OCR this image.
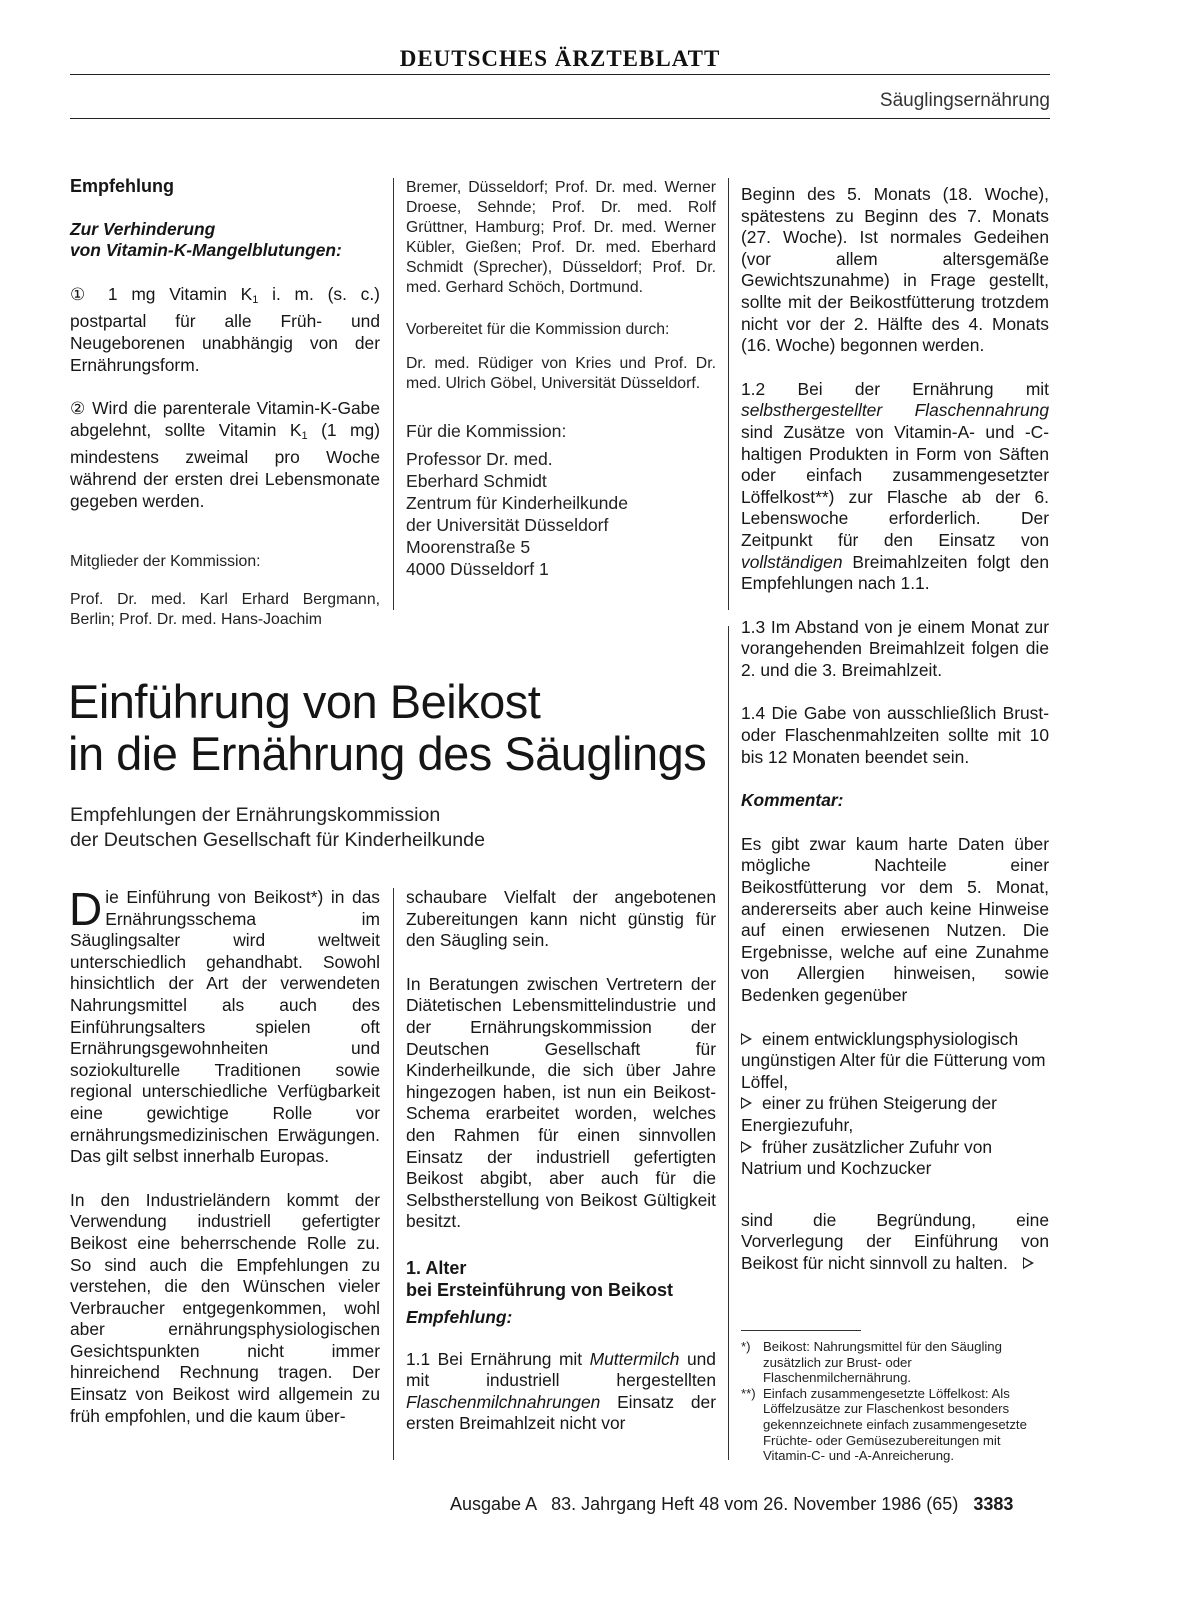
DEUTSCHES ÄRZTEBLATT
Säuglingsernährung
Empfehlung
Zur Verhinderung
von Vitamin-K-Mangelblutungen:

① 1 mg Vitamin $K_1$ i. m. (s. c.) postpartal für alle Früh- und Neugeborenen unabhängig von der Ernährungsform.

② Wird die parenterale Vitamin-K-Gabe abgelehnt, sollte Vitamin $K_1$ (1 mg) mindestens zweimal pro Woche während der ersten drei Lebensmonate gegeben werden.

Mitglieder der Kommission:
Prof. Dr. med. Karl Erhard Bergmann, Berlin; Prof. Dr. med. Hans-Joachim
Bremer, Düsseldorf; Prof. Dr. med. Werner Droese, Sehnde; Prof. Dr. med. Rolf Grüttner, Hamburg; Prof. Dr. med. Werner Kübler, Gießen; Prof. Dr. med. Eberhard Schmidt (Sprecher), Düsseldorf; Prof. Dr. med. Gerhard Schöch, Dortmund.
Vorbereitet für die Kommission durch:
Dr. med. Rüdiger von Kries und Prof. Dr. med. Ulrich Göbel, Universität Düsseldorf.
Für die Kommission:
Professor Dr. med.
Eberhard Schmidt
Zentrum für Kinderheilkunde
der Universität Düsseldorf
Moorenstraße 5
4000 Düsseldorf 1

Beginn des 5. Monats (18. Woche), spätestens zu Beginn des 7. Monats (27. Woche). Ist normales Gedeihen (vor allem altersgemäße Gewichtszunahme) in Frage gestellt, sollte mit der Beikostfütterung trotzdem nicht vor der 2. Hälfte des 4. Monats (16. Woche) begonnen werden.

1.2 Bei der Ernährung mit selbsthergestellter Flaschennahrung sind Zusätze von Vitamin-A- und -C-haltigen Produkten in Form von Säften oder einfach zusammengesetzter Löffelkost**) zur Flasche ab der 6. Lebenswoche erforderlich. Der Zeitpunkt für den Einsatz von vollständigen Breimahlzeiten folgt den Empfehlungen nach 1.1.

1.3 Im Abstand von je einem Monat zur vorangehenden Breimahlzeit folgen die 2. und die 3. Breimahlzeit.

1.4 Die Gabe von ausschließlich Brust- oder Flaschenmahlzeiten sollte mit 10 bis 12 Monaten beendet sein.

Kommentar:

Es gibt zwar kaum harte Daten über mögliche Nachteile einer Beikostfütterung vor dem 5. Monat, andererseits aber auch keine Hinweise auf einen erwiesenen Nutzen. Die Ergebnisse, welche auf eine Zunahme von Allergien hinweisen, sowie Bedenken gegenüber

einem entwicklungsphysiologisch ungünstigen Alter für die Fütterung vom Löffel,

einer zu frühen Steigerung der Energiezufuhr,

früher zusätzlicher Zufuhr von Natrium und Kochzucker

sind die Begründung, eine Vorverlegung der Einführung von Beikost für nicht sinnvoll zu halten.

Einführung von Beikost
in die Ernährung des Säuglings
Empfehlungen der Ernährungskommission
der Deutschen Gesellschaft für Kinderheilkunde

Die Einführung von Beikost*) in das Ernährungsschema im Säuglingsalter wird weltweit unterschiedlich gehandhabt. Sowohl hinsichtlich der Art der verwendeten Nahrungsmittel als auch des Einführungsalters spielen oft Ernährungsgewohnheiten und soziokulturelle Traditionen sowie regional unterschiedliche Verfügbarkeit eine gewichtige Rolle vor ernährungsmedizinischen Erwägungen. Das gilt selbst innerhalb Europas.

In den Industrieländern kommt der Verwendung industriell gefertigter Beikost eine beherrschende Rolle zu. So sind auch die Empfehlungen zu verstehen, die den Wünschen vieler Verbraucher entgegenkommen, wohl aber ernährungsphysiologischen Gesichtspunkten nicht immer hinreichend Rechnung tragen. Der Einsatz von Beikost wird allgemein zu früh empfohlen, und die kaum über-

schaubare Vielfalt der angebotenen Zubereitungen kann nicht günstig für den Säugling sein.

In Beratungen zwischen Vertretern der Diätetischen Lebensmittelindustrie und der Ernährungskommission der Deutschen Gesellschaft für Kinderheilkunde, die sich über Jahre hingezogen haben, ist nun ein Beikost-Schema erarbeitet worden, welches den Rahmen für einen sinnvollen Einsatz der industriell gefertigten Beikost abgibt, aber auch für die Selbstherstellung von Beikost Gültigkeit besitzt.

1. Alter
bei Ersteinführung von Beikost
Empfehlung:

1.1 Bei Ernährung mit Muttermilch und mit industriell hergestellten Flaschenmilchnahrungen Einsatz der ersten Breimahlzeit nicht vor

*) Beikost: Nahrungsmittel für den Säugling zusätzlich zur Brust- oder Flaschenmilchernährung.
**) Einfach zusammengesetzte Löffelkost: Als Löffelzusätze zur Flaschenkost besonders gekennzeichnete einfach zusammengesetzte Früchte- oder Gemüsezubereitungen mit Vitamin-C- und -A-Anreicherung.
Ausgabe A   83. Jahrgang Heft 48 vom 26. November 1986 (65) 3383
